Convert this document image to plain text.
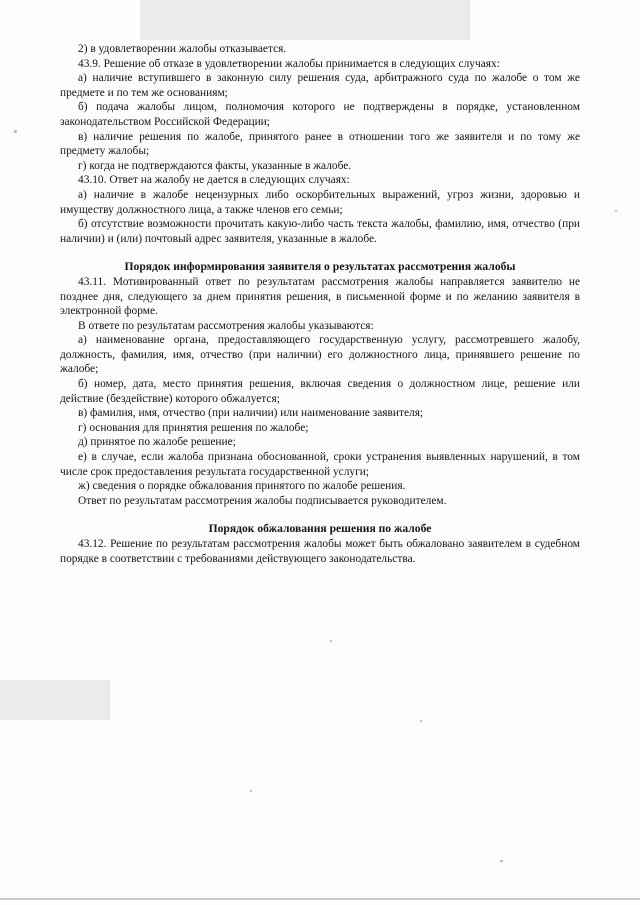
2) в удовлетворении жалобы отказывается.

43.9. Решение об отказе в удовлетворении жалобы принимается в следующих случаях:

а) наличие вступившего в законную силу решения суда, арбитражного суда по жалобе о том же предмете и по тем же основаниям;

б) подача жалобы лицом, полномочия которого не подтверждены в порядке, установленном законодательством Российской Федерации;

в) наличие решения по жалобе, принятого ранее в отношении того же заявителя и по тому же предмету жалобы;

г) когда не подтверждаются факты, указанные в жалобе.

43.10. Ответ на жалобу не дается в следующих случаях:

а) наличие в жалобе нецензурных либо оскорбительных выражений, угроз жизни, здоровью и имуществу должностного лица, а также членов его семьи;

б) отсутствие возможности прочитать какую-либо часть текста жалобы, фамилию, имя, отчество (при наличии) и (или) почтовый адрес заявителя, указанные в жалобе.

Порядок информирования заявителя о результатах рассмотрения жалобы

43.11. Мотивированный ответ по результатам рассмотрения жалобы направляется заявителю не позднее дня, следующего за днем принятия решения, в письменной форме и по желанию заявителя в электронной форме.

В ответе по результатам рассмотрения жалобы указываются:

а) наименование органа, предоставляющего государственную услугу, рассмотревшего жалобу, должность, фамилия, имя, отчество (при наличии) его должностного лица, принявшего решение по жалобе;

б) номер, дата, место принятия решения, включая сведения о должностном лице, решение или действие (бездействие) которого обжалуется;

в) фамилия, имя, отчество (при наличии) или наименование заявителя;

г) основания для принятия решения по жалобе;

д) принятое по жалобе решение;

е) в случае, если жалоба признана обоснованной, сроки устранения выявленных нарушений, в том числе срок предоставления результата государственной услуги;

ж) сведения о порядке обжалования принятого по жалобе решения.

Ответ по результатам рассмотрения жалобы подписывается руководителем.

Порядок обжалования решения по жалобе

43.12. Решение по результатам рассмотрения жалобы может быть обжаловано заявителем в судебном порядке в соответствии с требованиями действующего законодательства.
